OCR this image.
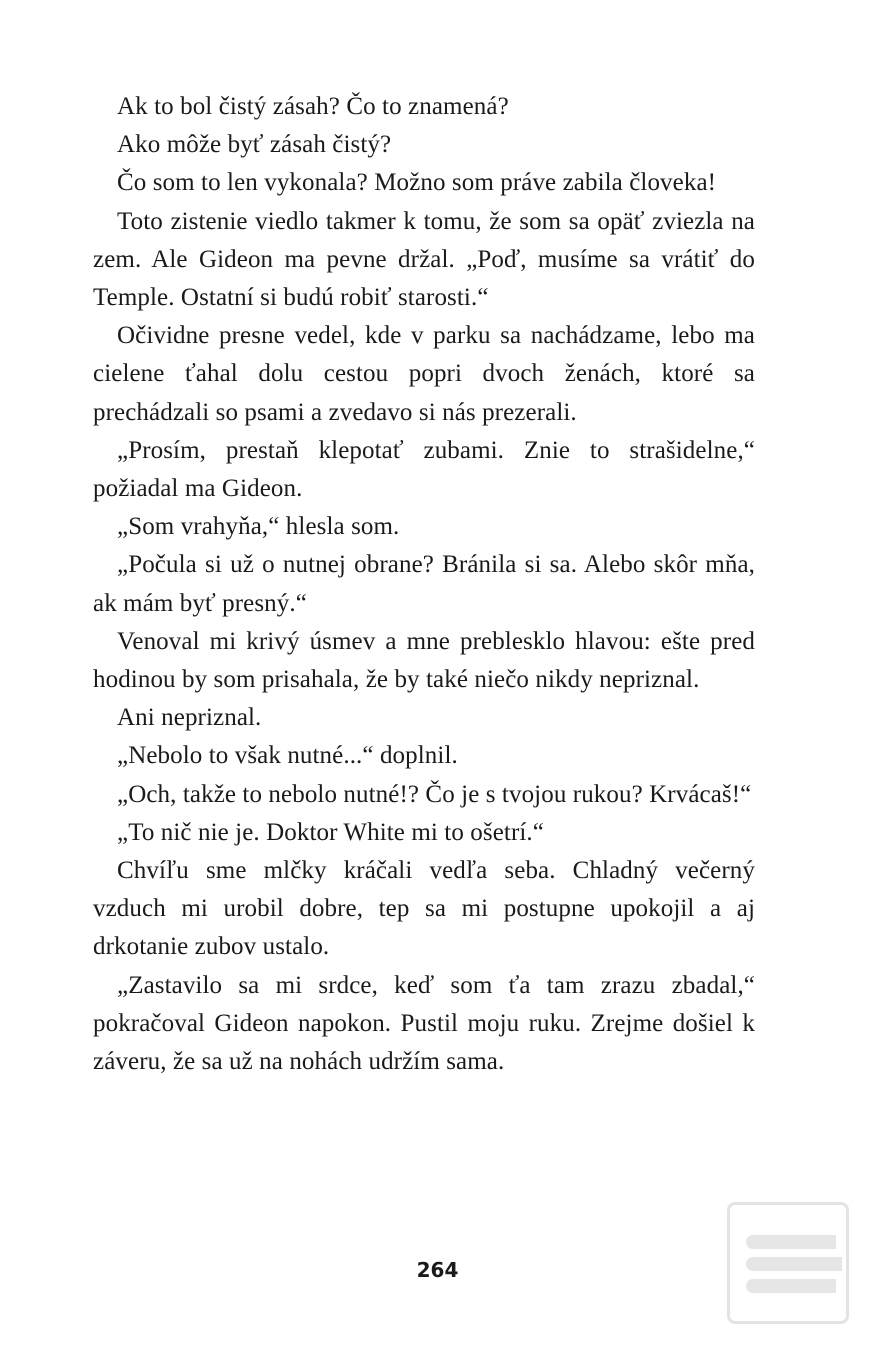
Ak to bol čistý zásah? Čo to znamená?

Ako môže byť zásah čistý?

Čo som to len vykonala? Možno som práve zabila človeka!

Toto zistenie viedlo takmer k tomu, že som sa opäť zviezla na zem. Ale Gideon ma pevne držal. „Poď, musíme sa vrátiť do Temple. Ostatní si budú robiť starosti.“

Očividne presne vedel, kde v parku sa nachádzame, lebo ma cielene ťahal dolu cestou popri dvoch ženách, ktoré sa prechádzali so psami a zvedavo si nás prezerali.

„Prosím, prestaň klepotať zubami. Znie to strašidelne,“ požiadal ma Gideon.

„Som vrahyňa,“ hlesla som.

„Počula si už o nutnej obrane? Bránila si sa. Alebo skôr mňa, ak mám byť presný.“

Venoval mi krivý úsmev a mne preblesklo hlavou: ešte pred hodinou by som prisahala, že by také niečo nikdy nepriznal.

Ani nepriznal.

„Nebolo to však nutné...“ doplnil.

„Och, takže to nebolo nutné!? Čo je s tvojou rukou? Krvácaš!“

„To nič nie je. Doktor White mi to ošetrí.“

Chvíľu sme mlčky kráčali vedľa seba. Chladný večerný vzduch mi urobil dobre, tep sa mi postupne upokojil a aj drkotanie zubov ustalo.

„Zastavilo sa mi srdce, keď som ťa tam zrazu zbadal,“ pokračoval Gideon napokon. Pustil moju ruku. Zrejme došiel k záveru, že sa už na nohách udržím sama.

264
